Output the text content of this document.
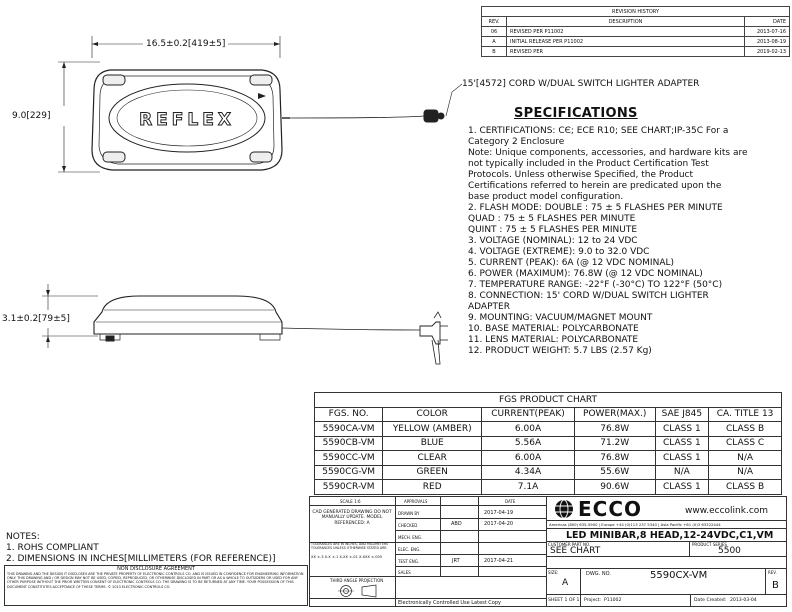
REVISION HISTORY		
REV.	DESCRIPTION	DATE
06	REVISED PER P11002	2013-07-16
A	INITIAL RELEASE PER P11002	2013-08-19
B	REVISED PER	2019-02-13
REFLEX
16.5±0.2[419±5]
9.0[229]
3.1±0.2[79±5]
15'[4572] CORD W/DUAL SWITCH LIGHTER ADAPTER
SPECIFICATIONS
1. CERTIFICATIONS: CЄ; ECE R10; SEE CHART;IP-35C For a
Category 2 Enclosure
Note: Unique components, accessories, and hardware kits are
not typically included in the Product Certification Test
Protocols. Unless otherwise Specified, the Product
Certifications referred to herein are predicated upon the
base product model configuration.
2. FLASH MODE: DOUBLE : 75 ± 5 FLASHES PER MINUTE
QUAD : 75 ± 5 FLASHES PER MINUTE
QUINT : 75 ± 5 FLASHES PER MINUTE
3. VOLTAGE (NOMINAL): 12 to 24 VDC
4. VOLTAGE (EXTREME): 9.0 to 32.0 VDC
5. CURRENT (PEAK): 6A (@ 12 VDC NOMINAL)
6. POWER (MAXIMUM): 76.8W (@ 12 VDC NOMINAL)
7. TEMPERATURE RANGE: -22°F (-30°C) TO 122°F (50°C)
8. CONNECTION: 15' CORD W/DUAL SWITCH LIGHTER
ADAPTER
9. MOUNTING: VACUUM/MAGNET MOUNT
10. BASE MATERIAL: POLYCARBONATE
11. LENS MATERIAL: POLYCARBONATE
12. PRODUCT WEIGHT: 5.7 LBS (2.57 Kg)
FGS PRODUCT CHART					
FGS. NO.	COLOR	CURRENT(PEAK)	POWER(MAX.)	SAE J845	CA. TITLE 13
5590CA-VM	YELLOW (AMBER)	6.00A	76.8W	CLASS 1	CLASS B
5590CB-VM	BLUE	5.56A	71.2W	CLASS 1	CLASS C
5590CC-VM	CLEAR	6.00A	76.8W	CLASS 1	N/A
5590CG-VM	GREEN	4.34A	55.6W	N/A	N/A
5590CR-VM	RED	7.1A	90.6W	CLASS 1	CLASS B
NOTES:
1. ROHS COMPLIANT
2. DIMENSIONS IN INCHES[MILLIMETERS (FOR REFERENCE)]
NON DISCLOSURE AGREEMENT
THIS DRAWING AND THE DESIGN IT DISCLOSES ARE THE PRIVATE PROPERTY OF ELECTRONIC CONTROLS CO. AND IS ISSUED IN CONFIDENCE FOR ENGINEERING INFORMATION ONLY. THIS DRAWING AND / OR DESIGN MAY NOT BE USED, COPIED, REPRODUCED, OR OTHERWISE DISCLOSED IN PART OR AS A WHOLE TO OUTSIDERS OR USED FOR ANY OTHER PURPOSE WITHOUT THE PRIOR WRITTEN CONSENT OF ELECTRONIC CONTROLS CO. THE DRAWING IS TO BE RETURNED AT ANY TIME. YOUR POSSESSION OF THIS DOCUMENT CONSTITUTES ACCEPTANCE OF THESE TERMS. © 2013 ELECTRONIC CONTROLS CO.
SCALE 1:6	APPROVALS	DATE
CAD GENERATED DRAWING DO NOT MANUALLY UPDATE. MODEL REFERENCED: A
DRAWN BY	2017-04-19
CHECKED	ABD	2017-04-20
TOLERANCES ARE IN INCHES, AND MILLIMETERS TOLERANCES UNLESS OTHERWISE STATED ARE:
XX ±.3 X.X ±.1 X.XX ±.01 X.XXX ±.005
MECH. ENG.
ELEC. ENG.
TEST ENG.	JRT	2017-04-21
SALES
THIRD ANGLE PROJECTION
Electronically Controlled Use Latest Copy
ECCO	www.eccolink.com
Americas (800) 635-5900 | Europe +44 (0)113 237 5340 | Asia Pacific +61 (0)3 63322444
LED MINIBAR,8 HEAD,12-24VDC,C1,VM
CUSTOMER PART NO.
SEE CHART
PRODUCT SERIES
5500
SIZE:
A
DWG. NO.	5590CX-VM	REV.
B
SHEET 1 OF 1 Project: P11002	Date Created: 2013-03-04
